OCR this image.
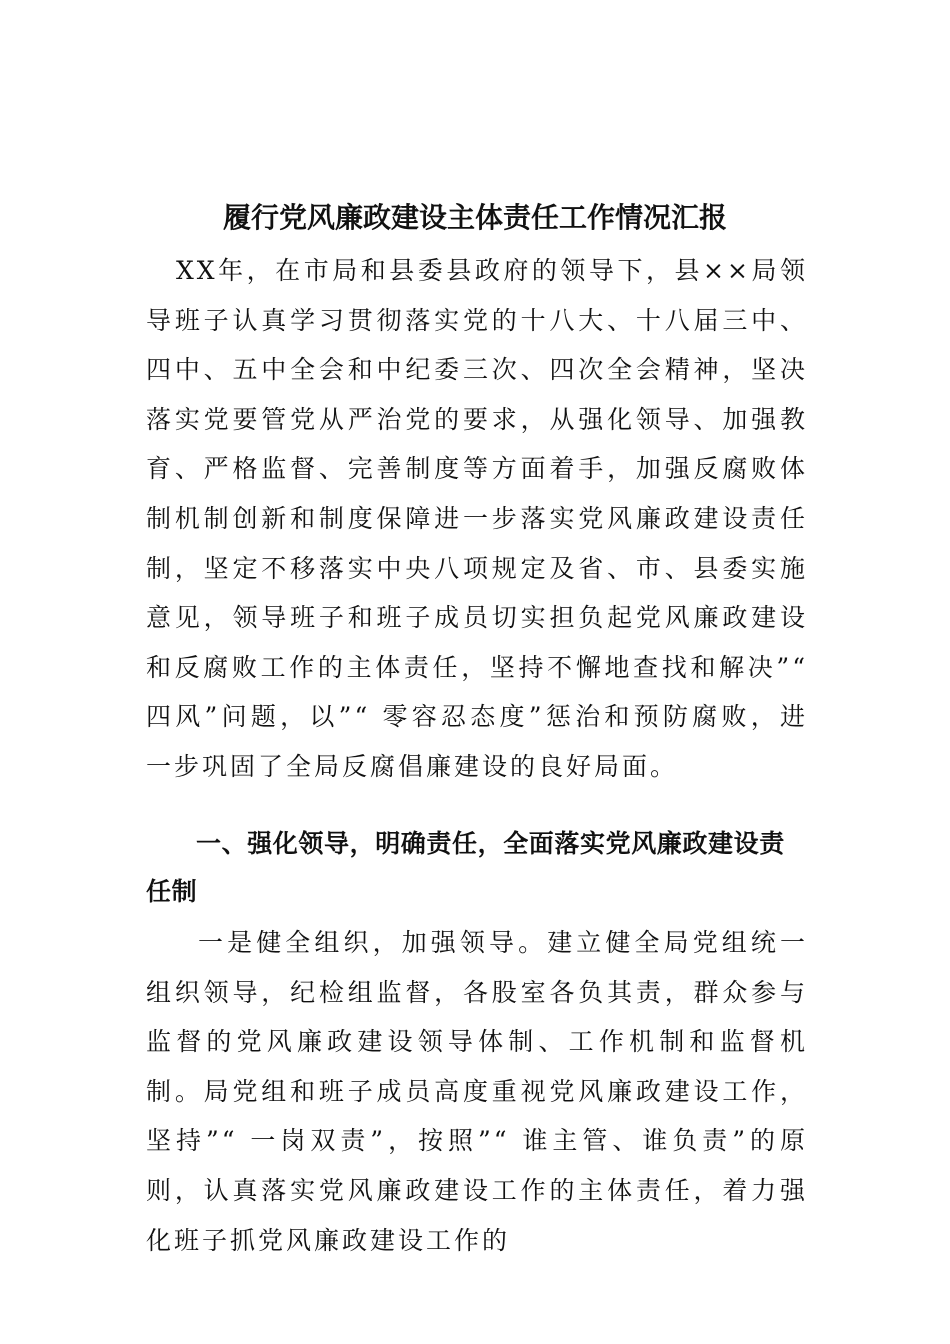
履行党风廉政建设主体责任工作情况汇报

XX年，在市局和县委县政府的领导下，县××局领导班子认真学习贯彻落实党的十八大、十八届三中、四中、五中全会和中纪委三次、四次全会精神，坚决落实党要管党从严治党的要求，从强化领导、加强教育、严格监督、完善制度等方面着手，加强反腐败体制机制创新和制度保障进一步落实党风廉政建设责任制，坚定不移落实中央八项规定及省、市、县委实施意见，领导班子和班子成员切实担负起党风廉政建设和反腐败工作的主体责任，坚持不懈地查找和解决”“ 四风”问题，以”“ 零容忍态度”惩治和预防腐败，进一步巩固了全局反腐倡廉建设的良好局面。

一、强化领导，明确责任，全面落实党风廉政建设责任制

一是健全组织，加强领导。建立健全局党组统一组织领导，纪检组监督，各股室各负其责，群众参与监督的党风廉政建设领导体制、工作机制和监督机制。局党组和班子成员高度重视党风廉政建设工作，坚持”“ 一岗双责”，按照”“ 谁主管、谁负责”的原则，认真落实党风廉政建设工作的主体责任，着力强化班子抓党风廉政建设工作的
